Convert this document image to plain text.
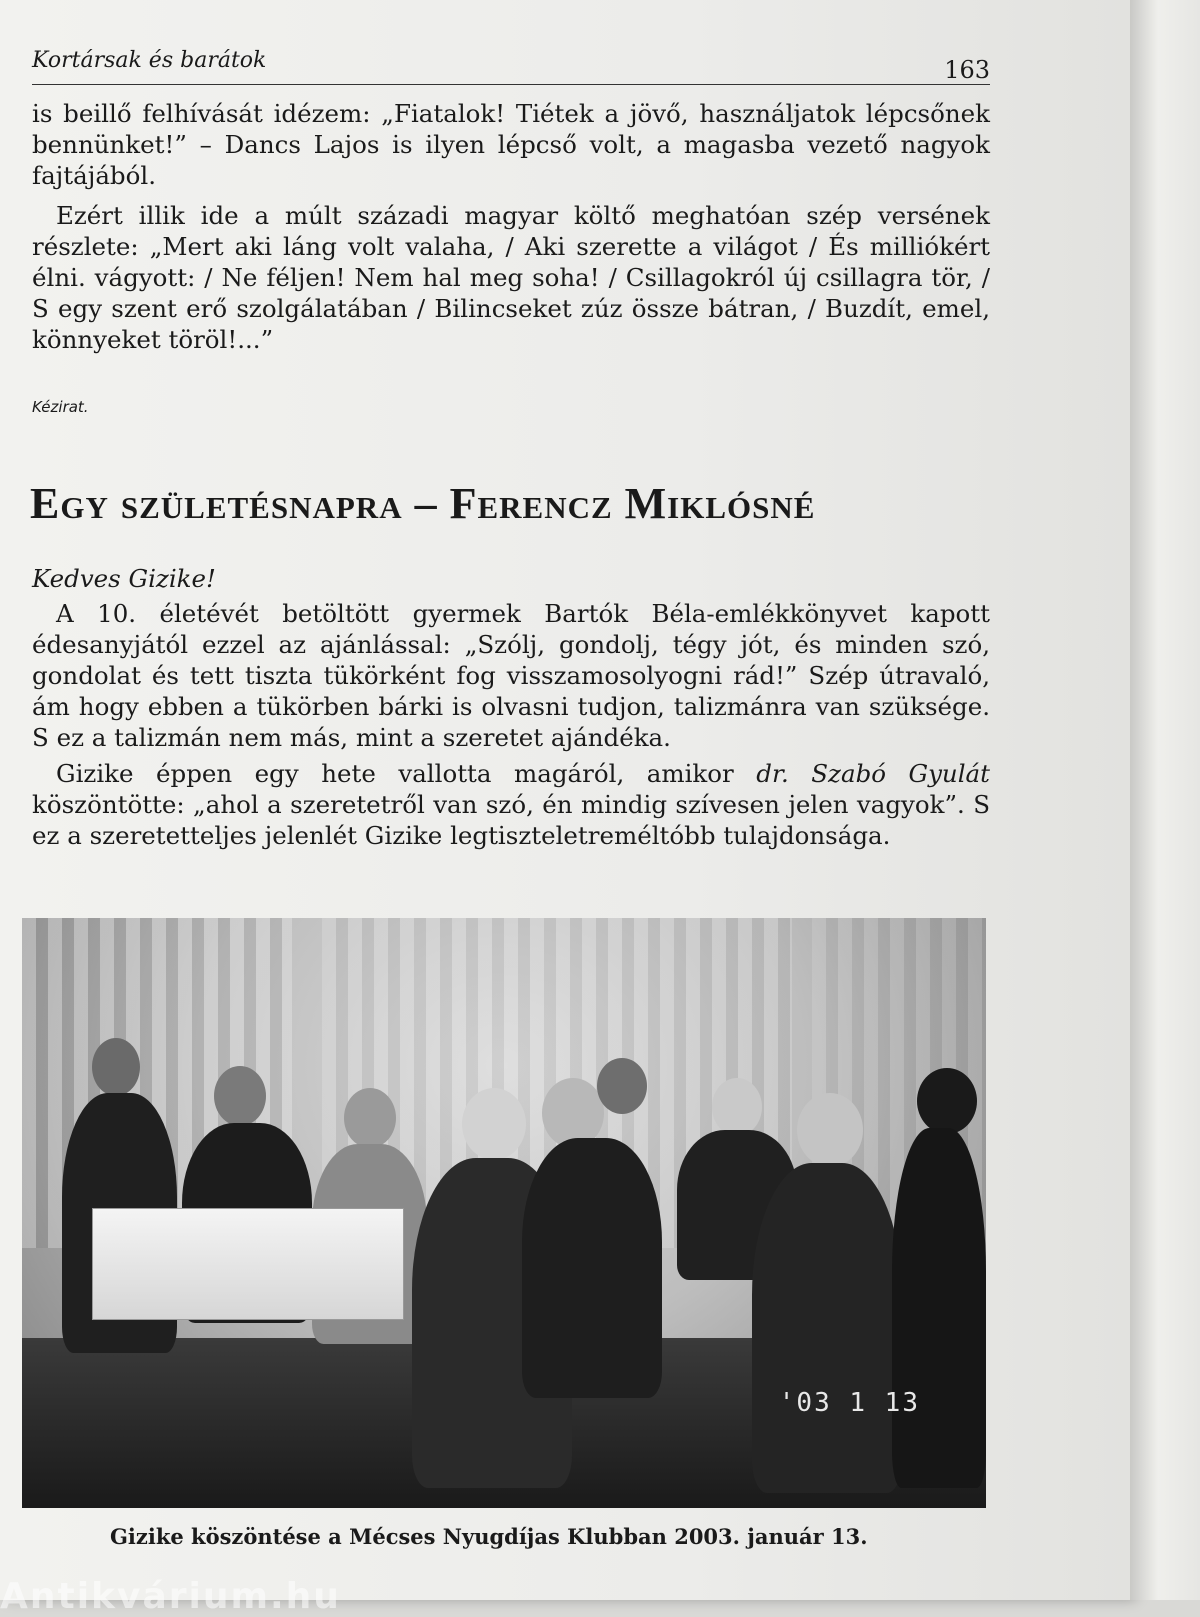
Kortársak és barátok	163

is beillő felhívását idézem: „Fiatalok! Tiétek a jövő, használjatok lépcsőnek bennünket!” – Dancs Lajos is ilyen lépcső volt, a magasba vezető nagyok fajtájából.

Ezért illik ide a múlt századi magyar költő meghatóan szép versének részlete: „Mert aki láng volt valaha, / Aki szerette a világot / És milliókért élni. vágyott: / Ne féljen! Nem hal meg soha! / Csillagokról új csillagra tör, / S egy szent erő szolgálatában / Bilincseket zúz össze bátran, / Buzdít, emel, könnyeket töröl!...”

Kézirat.

Egy születésnapra – Ferencz Miklósné

Kedves Gizike!

A 10. életévét betöltött gyermek Bartók Béla-emlékkönyvet kapott édesanyjától ezzel az ajánlással: „Szólj, gondolj, tégy jót, és minden szó, gondolat és tett tiszta tükörként fog visszamosolyogni rád!” Szép útravaló, ám hogy ebben a tükörben bárki is olvasni tudjon, talizmánra van szüksége. S ez a talizmán nem más, mint a szeretet ajándéka.

Gizike éppen egy hete vallotta magáról, amikor dr. Szabó Gyulát köszöntötte: „ahol a szeretetről van szó, én mindig szívesen jelen vagyok”. S ez a szeretetteljes jelenlét Gizike legtiszteletreméltóbb tulajdonsága.

'03 1 13

Gizike köszöntése a Mécses Nyugdíjas Klubban 2003. január 13.

Antikvárium.hu
